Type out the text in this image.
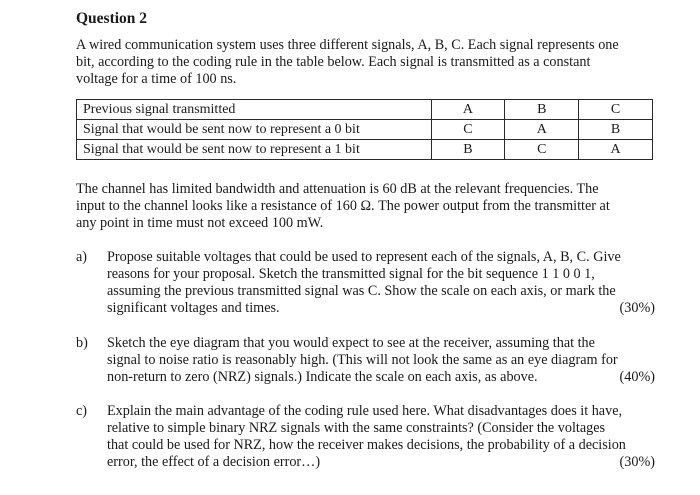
Question 2

A wired communication system uses three different signals, A, B, C. Each signal represents one
bit, according to the coding rule in the table below. Each signal is transmitted as a constant
voltage for a time of 100 ns.

Previous signal transmitted	A	B	C
Signal that would be sent now to represent a 0 bit	C	A	B
Signal that would be sent now to represent a 1 bit	B	C	A

The channel has limited bandwidth and attenuation is 60 dB at the relevant frequencies. The
input to the channel looks like a resistance of 160 Ω. The power output from the transmitter at
any point in time must not exceed 100 mW.

a) Propose suitable voltages that could be used to represent each of the signals, A, B, C. Give
reasons for your proposal. Sketch the transmitted signal for the bit sequence 1 1 0 0 1,
assuming the previous transmitted signal was C. Show the scale on each axis, or mark the
significant voltages and times.	(30%)
b) Sketch the eye diagram that you would expect to see at the receiver, assuming that the
signal to noise ratio is reasonably high. (This will not look the same as an eye diagram for
non-return to zero (NRZ) signals.) Indicate the scale on each axis, as above.	(40%)
c) Explain the main advantage of the coding rule used here. What disadvantages does it have,
relative to simple binary NRZ signals with the same constraints? (Consider the voltages
that could be used for NRZ, how the receiver makes decisions, the probability of a decision
error, the effect of a decision error…)	(30%)
